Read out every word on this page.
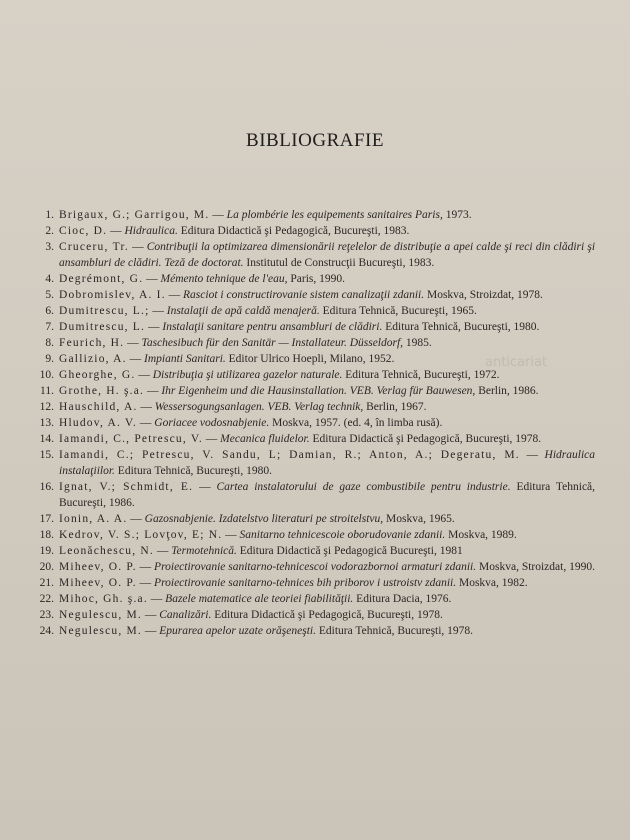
BIBLIOGRAFIE
anticariat
1. Brigaux, G.; Garrigou, M. — La plombérie les equipements sanitaires Paris, 1973.
2. Cioc, D. — Hidraulica. Editura Didactică şi Pedagogică, Bucureşti, 1983.
3. Cruceru, Tr. — Contribuţii la optimizarea dimensionării reţelelor de distribuţie a apei calde şi reci din clădiri şi ansambluri de clădiri. Teză de doctorat. Institutul de Construcţii Bucureşti, 1983.
4. Degrémont, G. — Mémento tehnique de l'eau, Paris, 1990.
5. Dobromislev, A. I. — Rasciot i constructirovanie sistem canalizaţii zdanii. Moskva, Stroizdat, 1978.
6. Dumitrescu, L.; — Instalaţii de apă caldă menajeră. Editura Tehnică, Bucureşti, 1965.
7. Dumitrescu, L. — Instalaţii sanitare pentru ansambluri de clădiri. Editura Tehnică, Bucureşti, 1980.
8. Feurich, H. — Taschesibuch für den Sanitär — Installateur. Düsseldorf, 1985.
9. Gallizio, A. — Impianti Sanitari. Editor Ulrico Hoepli, Milano, 1952.
10. Gheorghe, G. — Distribuţia şi utilizarea gazelor naturale. Editura Tehnică, Bucureşti, 1972.
11. Grothe, H. ş.a. — Ihr Eigenheim und die Hausinstallation. VEB. Verlag für Bauwesen, Berlin, 1986.
12. Hauschild, A. — Wessersogungsanlagen. VEB. Verlag technik, Berlin, 1967.
13. Hludov, A. V. — Goriacee vodosnabjenie. Moskva, 1957. (ed. 4, în limba rusă).
14. Iamandi, C., Petrescu, V. — Mecanica fluidelor. Editura Didactică şi Pedagogică, Bucureşti, 1978.
15. Iamandi, C.; Petrescu, V. Sandu, L; Damian, R.; Anton, A.; Degeratu, M. — Hidraulica instalaţiilor. Editura Tehnică, Bucureşti, 1980.
16. Ignat, V.; Schmidt, E. — Cartea instalatorului de gaze combustibile pentru industrie. Editura Tehnică, Bucureşti, 1986.
17. Ionin, A. A. — Gazosnabjenie. Izdatelstvo literaturi pe stroitelstvu, Moskva, 1965.
18. Kedrov, V. S.; Lovţov, E; N. — Sanitarno tehnicescoie oborudovanie zdanii. Moskva, 1989.
19. Leonăchescu, N. — Termotehnică. Editura Didactică şi Pedagogică Bucureşti, 1981
20. Miheev, O. P. — Proiectirovanie sanitarno-tehnicescoi vodorazbornoi armaturi zdanii. Moskva, Stroizdat, 1990.
21. Miheev, O. P. — Proiectirovanie sanitarno-tehnices bih priborov i ustroistv zdanii. Moskva, 1982.
22. Mihoc, Gh. ş.a. — Bazele matematice ale teoriei fiabilităţii. Editura Dacia, 1976.
23. Negulescu, M. — Canalizări. Editura Didactică şi Pedagogică, Bucureşti, 1978.
24. Negulescu, M. — Epurarea apelor uzate orăşeneşti. Editura Tehnică, Bucureşti, 1978.
